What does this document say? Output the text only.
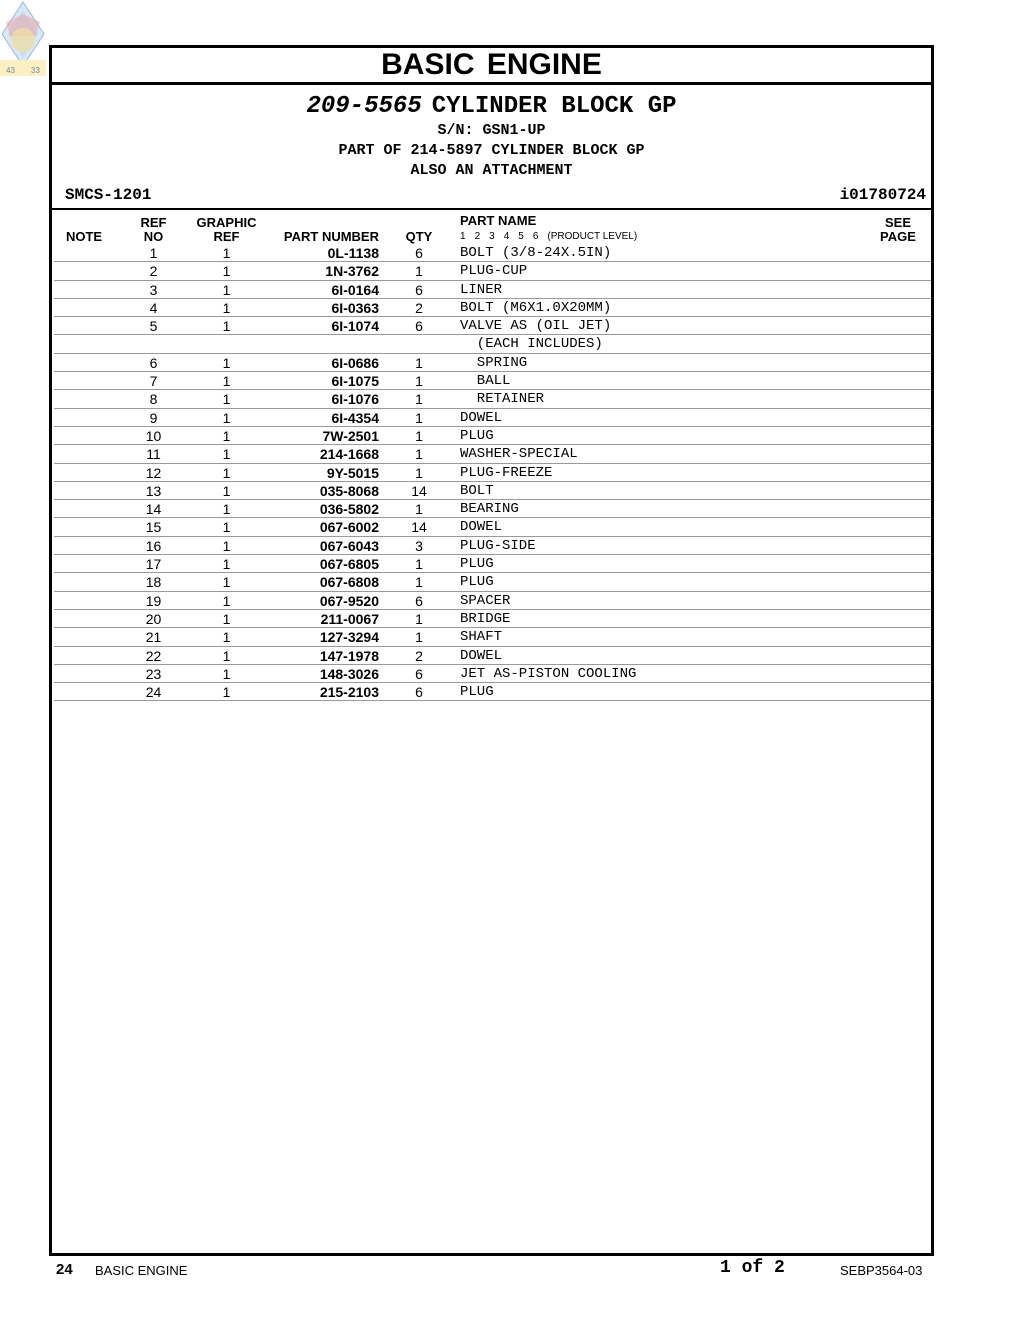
43 33	BASIC ENGINE
209-5565 CYLINDER BLOCK GP
S/N: GSN1-UP
PART OF 214-5897 CYLINDER BLOCK GP
ALSO AN ATTACHMENT
SMCS-1201	i01780724
NOTE
REF
NO
GRAPHIC
REF	PART NUMBER	QTY
PART NAME
1 2 3 4 5 6 (PRODUCT LEVEL)
SEE
PAGE
1	1	0L-1138	6	BOLT (3/8-24X.5IN)
2	1	1N-3762	1	PLUG-CUP
3	1	6I-0164	6	LINER
4	1	6I-0363	2	BOLT (M6X1.0X20MM)
5	1	6I-1074	6	VALVE AS (OIL JET)
(EACH INCLUDES)
6	1	6I-0686	1	SPRING
7	1	6I-1075	1	BALL
8	1	6I-1076	1	RETAINER
9	1	6I-4354	1	DOWEL
10	1	7W-2501	1	PLUG
11	1	214-1668	1	WASHER-SPECIAL
12	1	9Y-5015	1	PLUG-FREEZE
13	1	035-8068	14	BOLT
14	1	036-5802	1	BEARING
15	1	067-6002	14	DOWEL
16	1	067-6043	3	PLUG-SIDE
17	1	067-6805	1	PLUG
18	1	067-6808	1	PLUG
19	1	067-9520	6	SPACER
20	1	211-0067	1	BRIDGE
21	1	127-3294	1	SHAFT
22	1	147-1978	2	DOWEL
23	1	148-3026	6	JET AS-PISTON COOLING
24	1	215-2103	6	PLUG
24 BASIC ENGINE	1 of 2	SEBP3564-03
